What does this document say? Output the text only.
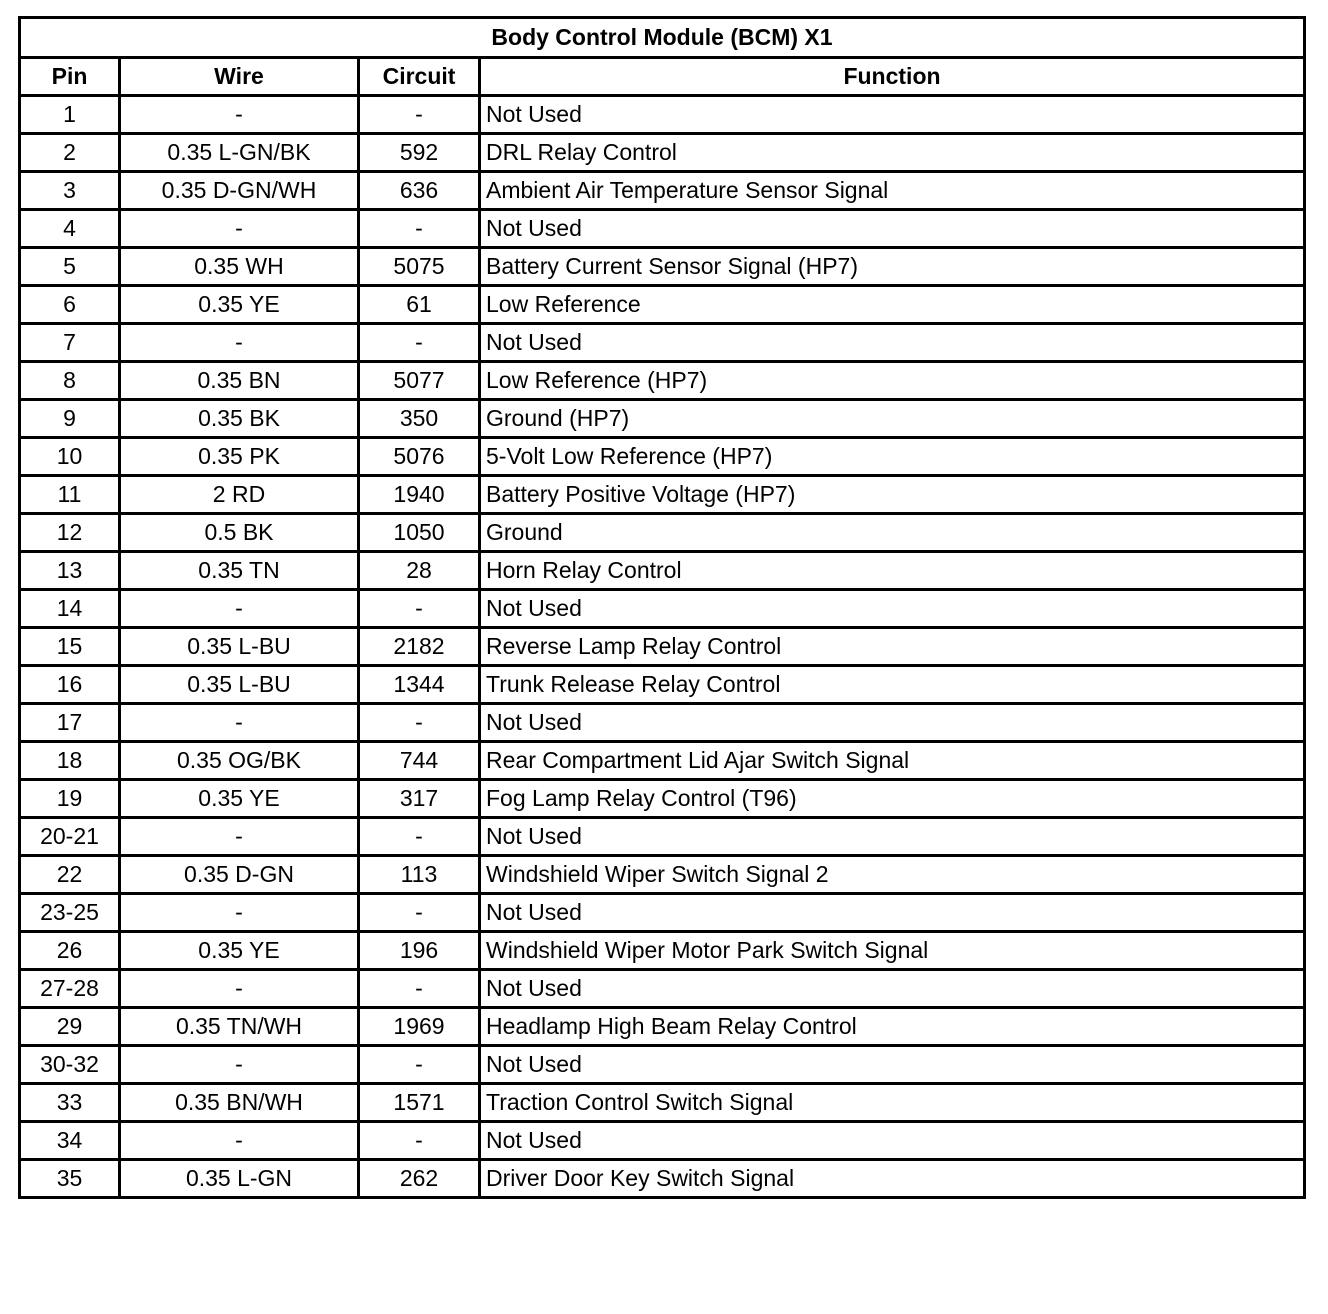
Body Control Module (BCM) X1			
Pin	Wire	Circuit	Function
1	-	-	Not Used
2	0.35 L-GN/BK	592	DRL Relay Control
3	0.35 D-GN/WH	636	Ambient Air Temperature Sensor Signal
4	-	-	Not Used
5	0.35 WH	5075	Battery Current Sensor Signal (HP7)
6	0.35 YE	61	Low Reference
7	-	-	Not Used
8	0.35 BN	5077	Low Reference (HP7)
9	0.35 BK	350	Ground (HP7)
10	0.35 PK	5076	5-Volt Low Reference (HP7)
11	2 RD	1940	Battery Positive Voltage (HP7)
12	0.5 BK	1050	Ground
13	0.35 TN	28	Horn Relay Control
14	-	-	Not Used
15	0.35 L-BU	2182	Reverse Lamp Relay Control
16	0.35 L-BU	1344	Trunk Release Relay Control
17	-	-	Not Used
18	0.35 OG/BK	744	Rear Compartment Lid Ajar Switch Signal
19	0.35 YE	317	Fog Lamp Relay Control (T96)
20-21	-	-	Not Used
22	0.35 D-GN	113	Windshield Wiper Switch Signal 2
23-25	-	-	Not Used
26	0.35 YE	196	Windshield Wiper Motor Park Switch Signal
27-28	-	-	Not Used
29	0.35 TN/WH	1969	Headlamp High Beam Relay Control
30-32	-	-	Not Used
33	0.35 BN/WH	1571	Traction Control Switch Signal
34	-	-	Not Used
35	0.35 L-GN	262	Driver Door Key Switch Signal
